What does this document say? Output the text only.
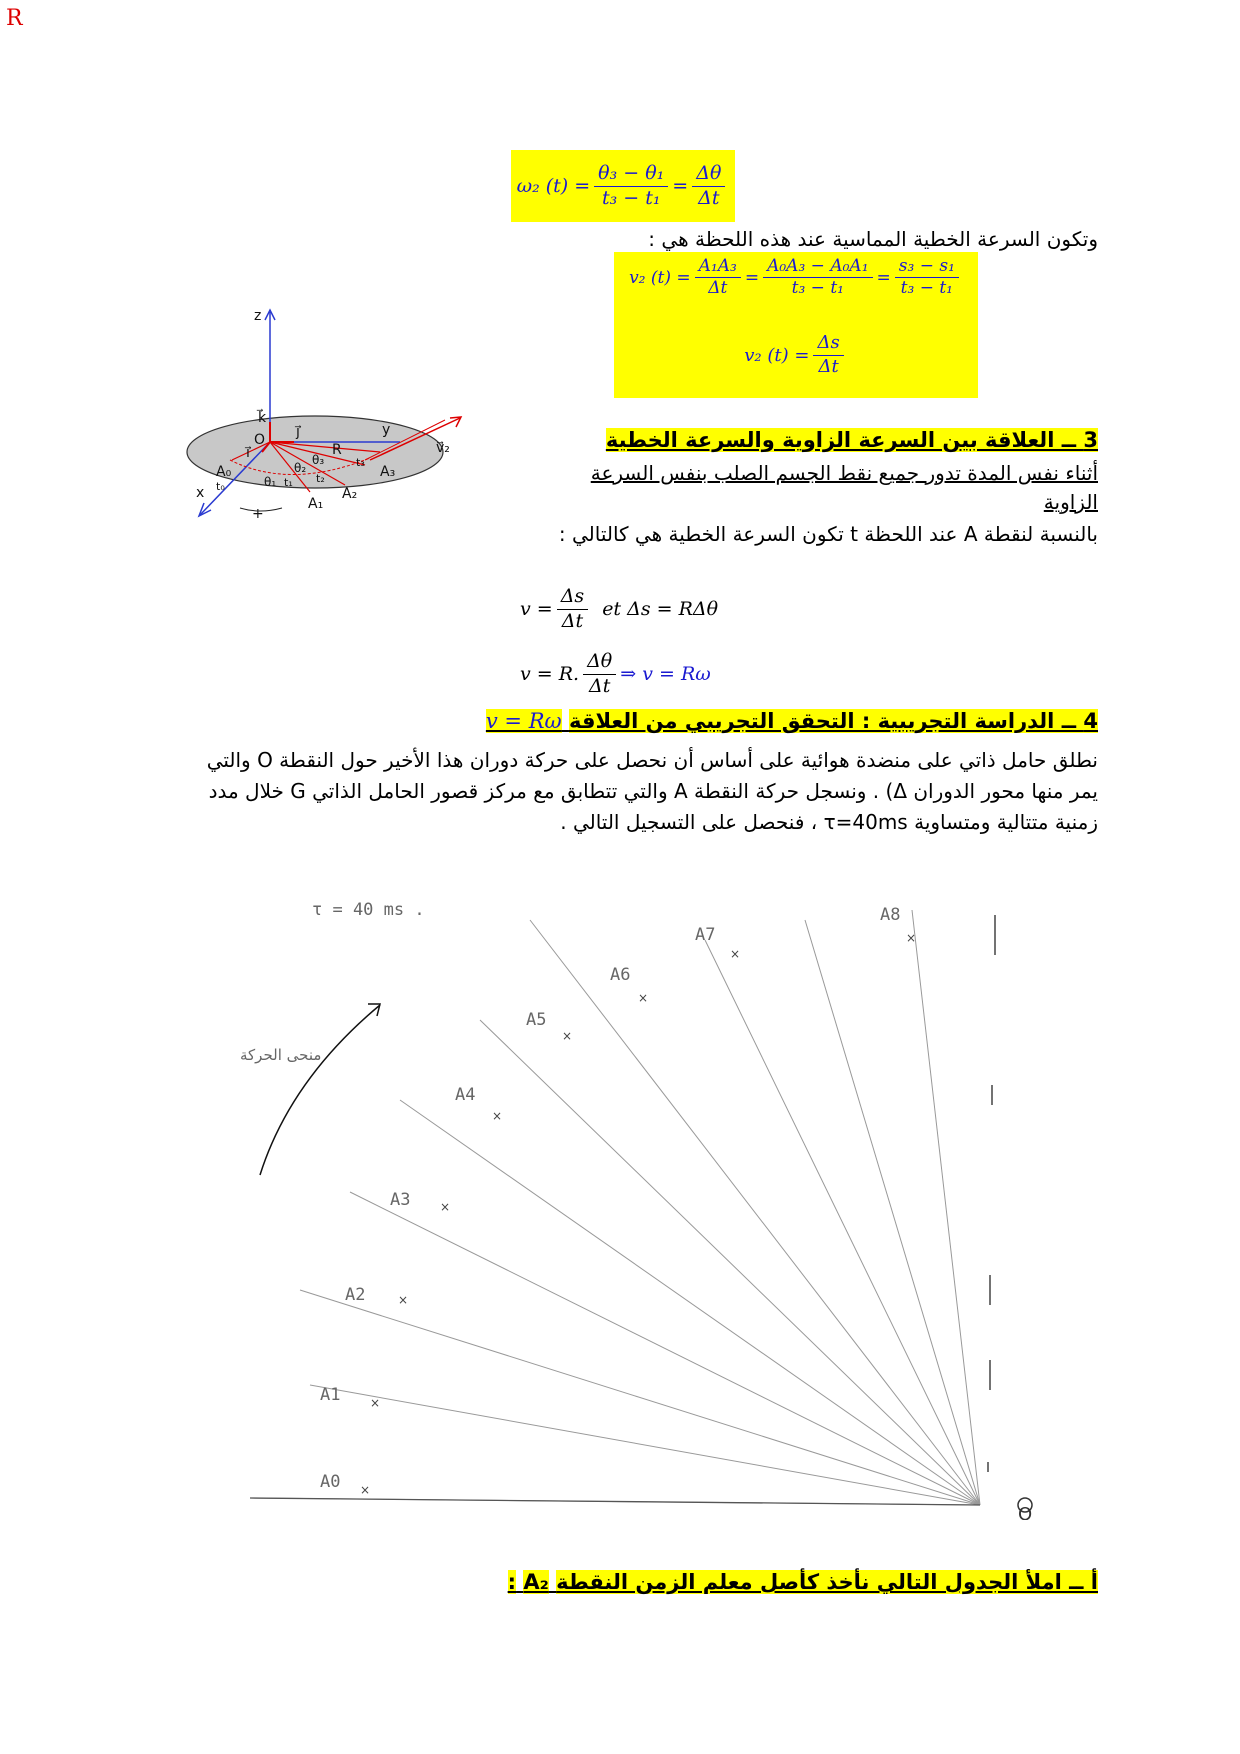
R
ω₂ $(t) = \frac{\text{θ₃ − θ₁}}{\text{t₃ − t₁}} = \frac{\Delta\theta}{\Delta t}$
وتكون السرعة الخطية المماسية عند هذه اللحظة هي :
v₂ $(t) = \frac{\text{A₁A₃}}{\Delta t} = \frac{\text{A₀A₃ − A₀A₁}}{\text{t₃ − t₁}} = \frac{\text{s₃ − s₁}}{\text{t₃ − t₁}}$
v₂ $(t) = \frac{\Delta s}{\Delta t}$
z
y
x
k⃗
j⃗
i⃗
O
R	v⃗₂
A₀
A₁
A₂
A₃
t₀	t₁ t₂
t₃
θ₁
θ₂
θ₃
+
3 ــ العلاقة بين السرعة الزاوية والسرعة الخطية
أثناء نفس المدة تدور جميع نقط الجسم الصلب بنفس السرعة الزاوية
بالنسبة لنقطة A عند اللحظة t تكون السرعة الخطية هي كالتالي :
$v = \frac{\Delta s}{\Delta t}$ et Δs = RΔθ
v = R. $\frac{\Delta\theta}{\Delta t}$ ⇒ v = Rω
4 ــ الدراسة التجريبية : التحقق التجريبي من العلاقة v = Rω
نطلق حامل ذاتي على منضدة هوائية على أساس أن نحصل على حركة دوران هذا الأخير حول النقطة O والتي يمر منها محور الدوران Δ) . ونسجل حركة النقطة A والتي تتطابق مع مركز قصور الحامل الذاتي G خلال مدد زمنية متتالية ومتساوية τ=40ms ، فنحصل على التسجيل التالي .
τ = 40 ms .
منحى الحركة
A0
A1
A2
A3
A4
A5
A6
A7
A8
×
×
×
×
×
×
×
×
×
O
أ ــ املأ الجدول التالي نأخذ كأصل معلم الزمن النقطة A₂ :
